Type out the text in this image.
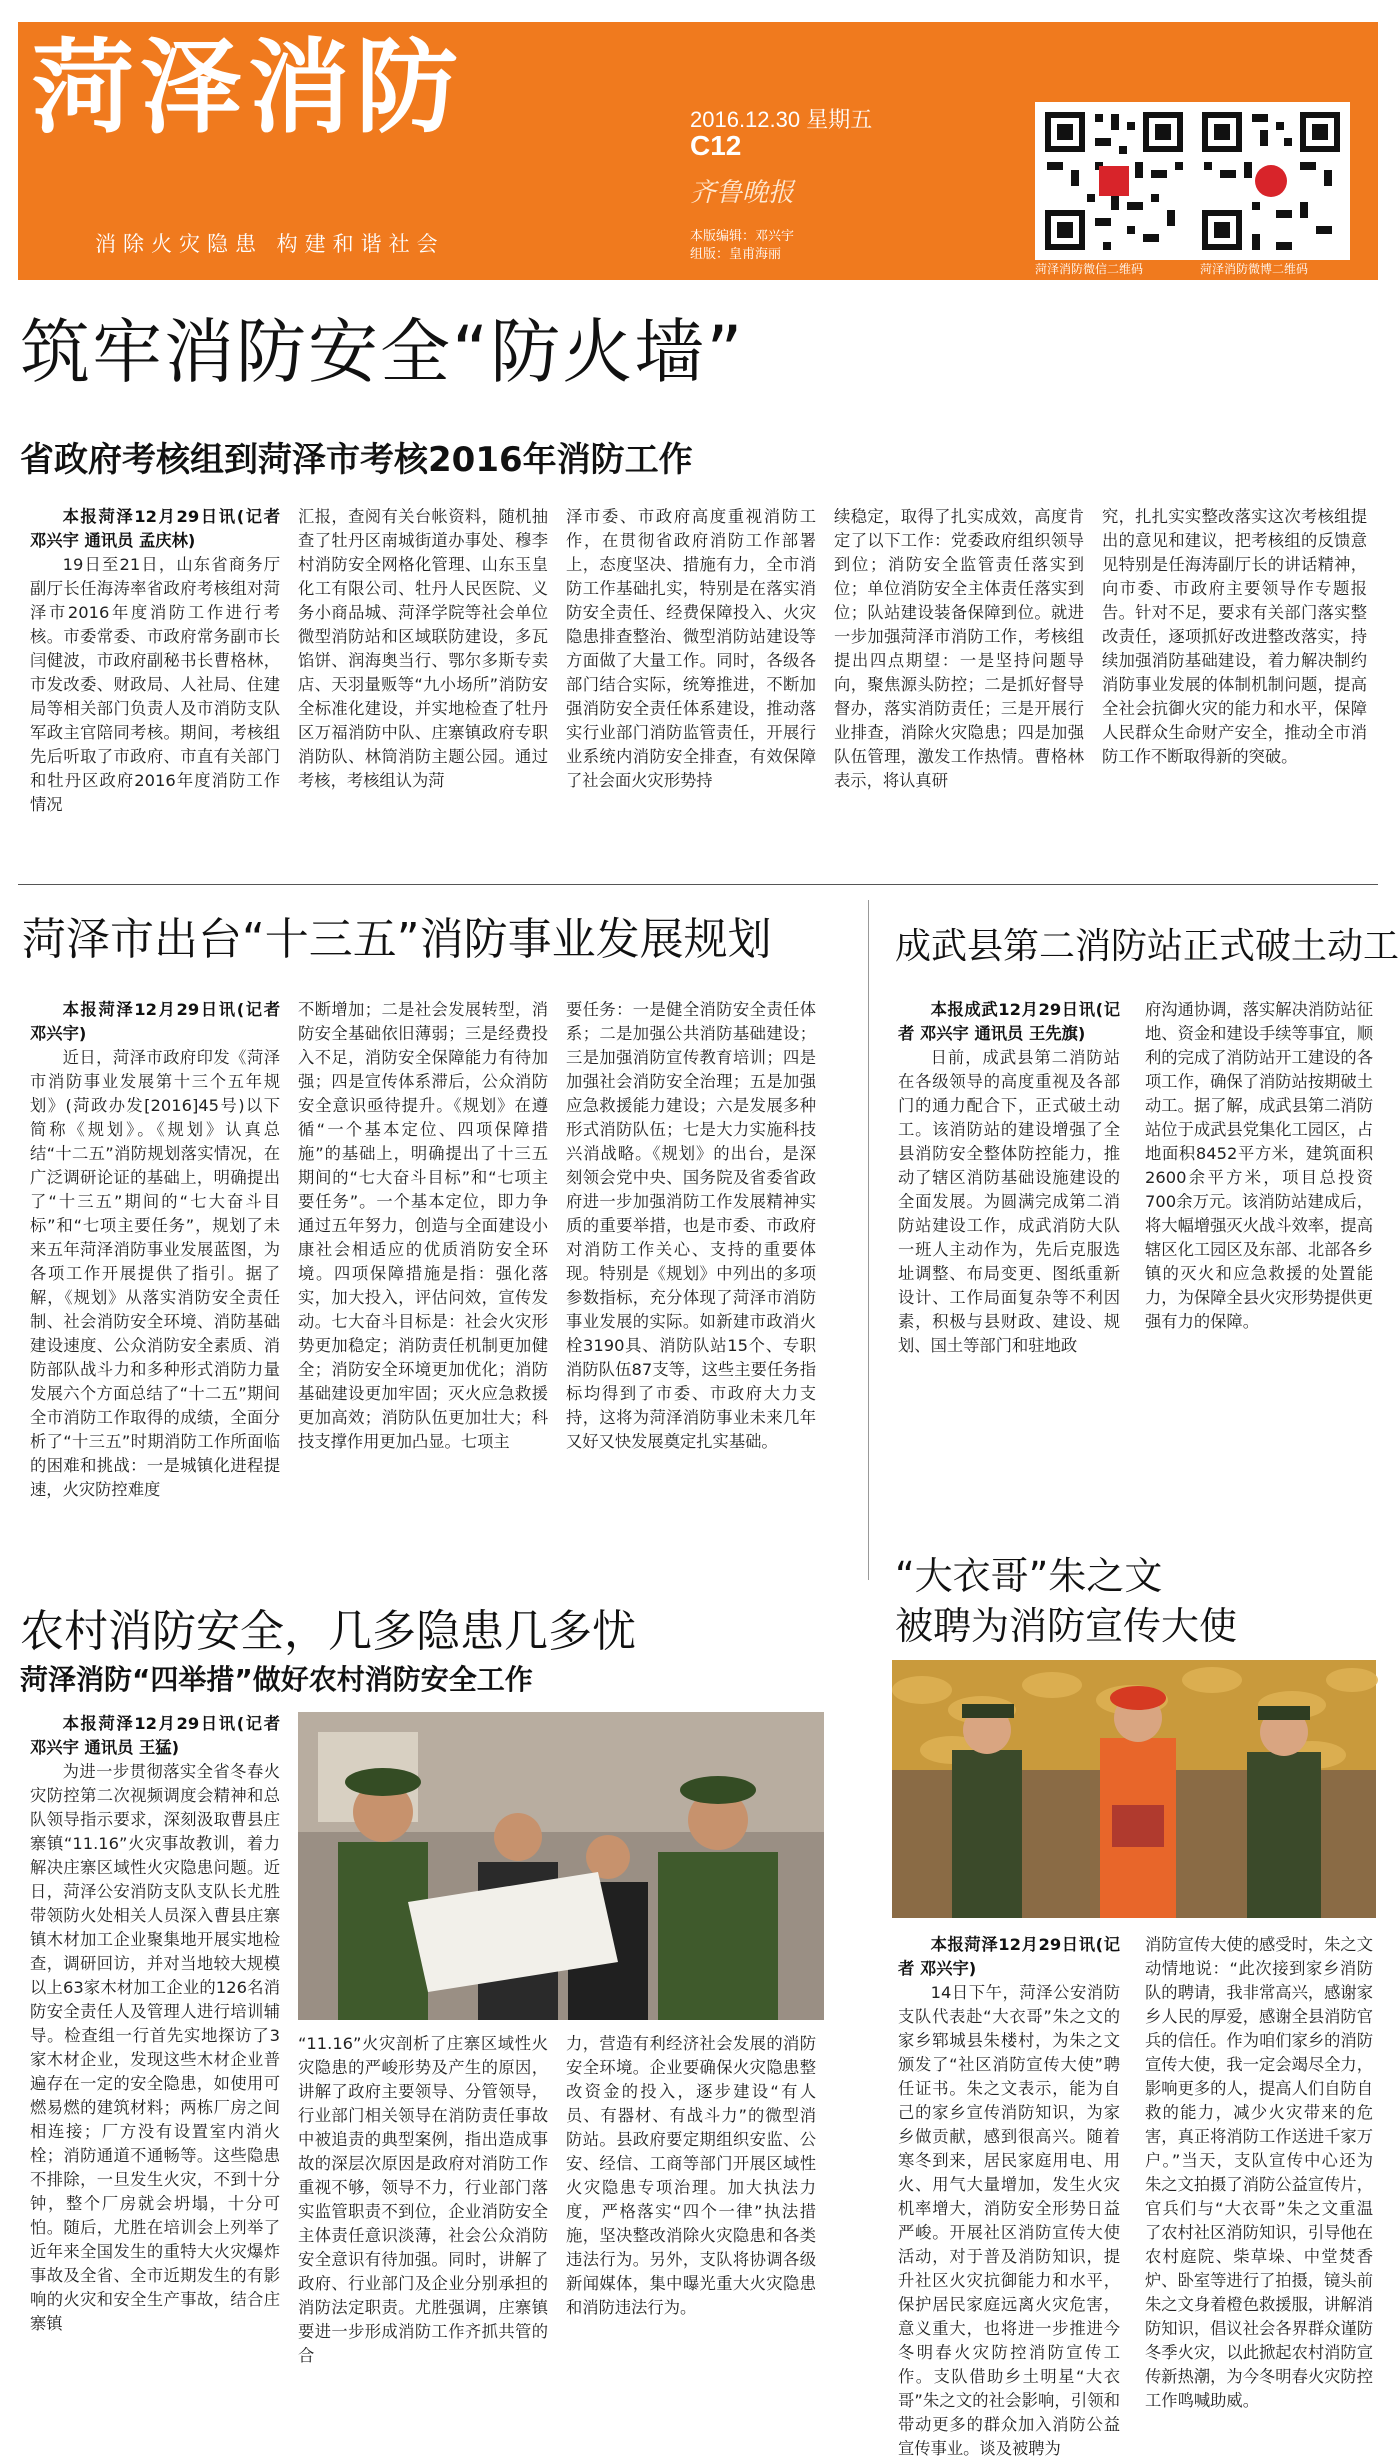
菏泽消防
消除火灾隐患 构建和谐社会
2016.12.30 星期五
C12
齐鲁晚报
本版编辑：邓兴宇
组版：皇甫海丽
菏泽消防微信二维码	菏泽消防微博二维码
筑牢消防安全“防火墙”
省政府考核组到菏泽市考核2016年消防工作

本报菏泽12月29日讯(记者 邓兴宇 通讯员 孟庆林)

19日至21日，山东省商务厅副厅长任海涛率省政府考核组对菏泽市2016年度消防工作进行考核。市委常委、市政府常务副市长闫健波，市政府副秘书长曹格林，市发改委、财政局、人社局、住建局等相关部门负责人及市消防支队军政主官陪同考核。期间，考核组先后听取了市政府、市直有关部门和牡丹区政府2016年度消防工作情况

汇报，查阅有关台帐资料，随机抽查了牡丹区南城街道办事处、穆李村消防安全网格化管理、山东玉皇化工有限公司、牡丹人民医院、义务小商品城、菏泽学院等社会单位微型消防站和区域联防建设，多瓦馅饼、润海奥当行、鄂尔多斯专卖店、天羽量贩等“九小场所”消防安全标准化建设，并实地检查了牡丹区万福消防中队、庄寨镇政府专职消防队、林筒消防主题公园。通过考核，考核组认为菏

泽市委、市政府高度重视消防工作，在贯彻省政府消防工作部署上，态度坚决、措施有力，全市消防工作基础扎实，特别是在落实消防安全责任、经费保障投入、火灾隐患排查整治、微型消防站建设等方面做了大量工作。同时，各级各部门结合实际，统筹推进，不断加强消防安全责任体系建设，推动落实行业部门消防监管责任，开展行业系统内消防安全排查，有效保障了社会面火灾形势持

续稳定，取得了扎实成效，高度肯定了以下工作：党委政府组织领导到位；消防安全监管责任落实到位；单位消防安全主体责任落实到位；队站建设装备保障到位。就进一步加强菏泽市消防工作，考核组提出四点期望：一是坚持问题导向，聚焦源头防控；二是抓好督导督办，落实消防责任；三是开展行业排查，消除火灾隐患；四是加强队伍管理，激发工作热情。曹格林表示，将认真研

究，扎扎实实整改落实这次考核组提出的意见和建议，把考核组的反馈意见特别是任海涛副厅长的讲话精神，向市委、市政府主要领导作专题报告。针对不足，要求有关部门落实整改责任，逐项抓好改进整改落实，持续加强消防基础建设，着力解决制约消防事业发展的体制机制问题，提高全社会抗御火灾的能力和水平，保障人民群众生命财产安全，推动全市消防工作不断取得新的突破。

菏泽市出台“十三五”消防事业发展规划

本报菏泽12月29日讯(记者 邓兴宇)

近日，菏泽市政府印发《菏泽市消防事业发展第十三个五年规划》(菏政办发[2016]45号)以下简称《规划》。《规划》认真总结“十二五”消防规划落实情况，在广泛调研论证的基础上，明确提出了“十三五”期间的“七大奋斗目标”和“七项主要任务”，规划了未来五年菏泽消防事业发展蓝图，为各项工作开展提供了指引。据了解，《规划》从落实消防安全责任制、社会消防安全环境、消防基础建设速度、公众消防安全素质、消防部队战斗力和多种形式消防力量发展六个方面总结了“十二五”期间全市消防工作取得的成绩，全面分析了“十三五”时期消防工作所面临的困难和挑战：一是城镇化进程提速，火灾防控难度

不断增加；二是社会发展转型，消防安全基础依旧薄弱；三是经费投入不足，消防安全保障能力有待加强；四是宣传体系滞后，公众消防安全意识亟待提升。《规划》在遵循“一个基本定位、四项保障措施”的基础上，明确提出了十三五期间的“七大奋斗目标”和“七项主要任务”。一个基本定位，即力争通过五年努力，创造与全面建设小康社会相适应的优质消防安全环境。四项保障措施是指：强化落实，加大投入，评估问效，宣传发动。七大奋斗目标是：社会火灾形势更加稳定；消防责任机制更加健全；消防安全环境更加优化；消防基础建设更加牢固；灭火应急救援更加高效；消防队伍更加壮大；科技支撑作用更加凸显。七项主

要任务：一是健全消防安全责任体系；二是加强公共消防基础建设；三是加强消防宣传教育培训；四是加强社会消防安全治理；五是加强应急救援能力建设；六是发展多种形式消防队伍；七是大力实施科技兴消战略。《规划》的出台，是深刻领会党中央、国务院及省委省政府进一步加强消防工作发展精神实质的重要举措，也是市委、市政府对消防工作关心、支持的重要体现。特别是《规划》中列出的多项参数指标，充分体现了菏泽市消防事业发展的实际。如新建市政消火栓3190具、消防队站15个、专职消防队伍87支等，这些主要任务指标均得到了市委、市政府大力支持，这将为菏泽消防事业未来几年又好又快发展奠定扎实基础。

成武县第二消防站正式破土动工

本报成武12月29日讯(记者 邓兴宇 通讯员 王先旗)

日前，成武县第二消防站在各级领导的高度重视及各部门的通力配合下，正式破土动工。该消防站的建设增强了全县消防安全整体防控能力，推动了辖区消防基础设施建设的全面发展。为圆满完成第二消防站建设工作，成武消防大队一班人主动作为，先后克服选址调整、布局变更、图纸重新设计、工作局面复杂等不利因素，积极与县财政、建设、规划、国土等部门和驻地政

府沟通协调，落实解决消防站征地、资金和建设手续等事宜，顺利的完成了消防站开工建设的各项工作，确保了消防站按期破土动工。据了解，成武县第二消防站位于成武县党集化工园区，占地面积8452平方米，建筑面积2600余平方米，项目总投资700余万元。该消防站建成后，将大幅增强灭火战斗效率，提高辖区化工园区及东部、北部各乡镇的灭火和应急救援的处置能力，为保障全县火灾形势提供更强有力的保障。

“大衣哥”朱之文
被聘为消防宣传大使

本报菏泽12月29日讯(记者 邓兴宇)

14日下午，菏泽公安消防支队代表赴“大衣哥”朱之文的家乡郓城县朱楼村，为朱之文颁发了“社区消防宣传大使”聘任证书。朱之文表示，能为自己的家乡宣传消防知识，为家乡做贡献，感到很高兴。随着寒冬到来，居民家庭用电、用火、用气大量增加，发生火灾机率增大，消防安全形势日益严峻。开展社区消防宣传大使活动，对于普及消防知识，提升社区火灾抗御能力和水平，保护居民家庭远离火灾危害，意义重大，也将进一步推进今冬明春火灾防控消防宣传工作。支队借助乡土明星“大衣哥”朱之文的社会影响，引领和带动更多的群众加入消防公益宣传事业。谈及被聘为

消防宣传大使的感受时，朱之文动情地说：“此次接到家乡消防队的聘请，我非常高兴，感谢家乡人民的厚爱，感谢全县消防官兵的信任。作为咱们家乡的消防宣传大使，我一定会竭尽全力，影响更多的人，提高人们自防自救的能力，减少火灾带来的危害，真正将消防工作送进千家万户。”当天，支队宣传中心还为朱之文拍摄了消防公益宣传片，官兵们与“大衣哥”朱之文重温了农村社区消防知识，引导他在农村庭院、柴草垛、中堂焚香炉、卧室等进行了拍摄，镜头前朱之文身着橙色救援服，讲解消防知识，倡议社会各界群众谨防冬季火灾，以此掀起农村消防宣传新热潮，为今冬明春火灾防控工作鸣喊助威。

农村消防安全，几多隐患几多忧
菏泽消防“四举措”做好农村消防安全工作

本报菏泽12月29日讯(记者 邓兴宇 通讯员 王猛)

为进一步贯彻落实全省冬春火灾防控第二次视频调度会精神和总队领导指示要求，深刻汲取曹县庄寨镇“11.16”火灾事故教训，着力解决庄寨区域性火灾隐患问题。近日，菏泽公安消防支队支队长尤胜带领防火处相关人员深入曹县庄寨镇木材加工企业聚集地开展实地检查，调研回访，并对当地较大规模以上63家木材加工企业的126名消防安全责任人及管理人进行培训辅导。检查组一行首先实地探访了3家木材企业，发现这些木材企业普遍存在一定的安全隐患，如使用可燃易燃的建筑材料；两栋厂房之间相连接；厂方没有设置室内消火栓；消防通道不通畅等。这些隐患不排除，一旦发生火灾，不到十分钟，整个厂房就会坍塌，十分可怕。随后，尤胜在培训会上列举了近年来全国发生的重特大火灾爆炸事故及全省、全市近期发生的有影响的火灾和安全生产事故，结合庄寨镇

“11.16”火灾剖析了庄寨区域性火灾隐患的严峻形势及产生的原因，讲解了政府主要领导、分管领导，行业部门相关领导在消防责任事故中被追责的典型案例，指出造成事故的深层次原因是政府对消防工作重视不够，领导不力，行业部门落实监管职责不到位，企业消防安全主体责任意识淡薄，社会公众消防安全意识有待加强。同时，讲解了政府、行业部门及企业分别承担的消防法定职责。尤胜强调，庄寨镇要进一步形成消防工作齐抓共管的合

力，营造有利经济社会发展的消防安全环境。企业要确保火灾隐患整改资金的投入，逐步建设“有人员、有器材、有战斗力”的微型消防站。县政府要定期组织安监、公安、经信、工商等部门开展区域性火灾隐患专项治理。加大执法力度，严格落实“四个一律”执法措施，坚决整改消除火灾隐患和各类违法行为。另外，支队将协调各级新闻媒体，集中曝光重大火灾隐患和消防违法行为。
